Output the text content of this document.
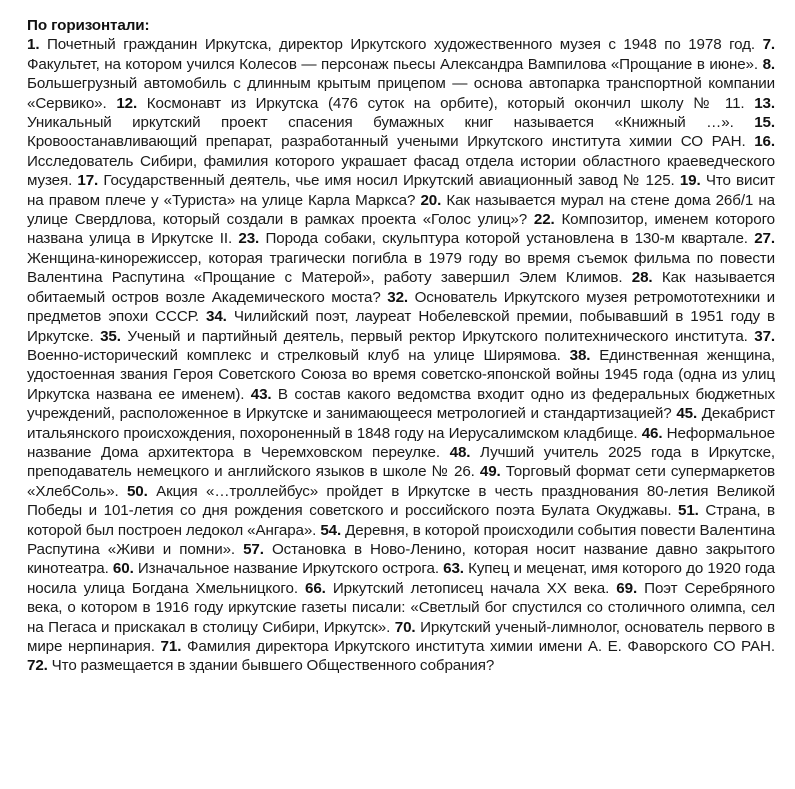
По горизонтали:

1. Почетный гражданин Иркутска, директор Иркутского художественного музея с 1948 по 1978 год. 7. Факультет, на котором учился Колесов — персонаж пьесы Александра Вампилова «Прощание в июне». 8. Большегрузный автомобиль с длинным крытым прицепом — основа автопарка транспортной компании «Сервико». 12. Космонавт из Иркутска (476 суток на орбите), который окончил школу № 11. 13. Уникальный иркутский проект спасения бумажных книг называется «Книжный …». 15. Кровоостанавливающий препарат, разработанный учеными Иркутского института химии СО РАН. 16. Исследователь Сибири, фамилия которого украшает фасад отдела истории областного краеведческого музея. 17. Государственный деятель, чье имя носил Иркутский авиационный завод № 125. 19. Что висит на правом плече у «Туриста» на улице Карла Маркса? 20. Как называется мурал на стене дома 26б/1 на улице Свердлова, который создали в рамках проекта «Голос улиц»? 22. Композитор, именем которого названа улица в Иркутске II. 23. Порода собаки, скульптура которой установлена в 130-м квартале. 27. Женщина-кинорежиссер, которая трагически погибла в 1979 году во время съемок фильма по повести Валентина Распутина «Прощание с Матерой», работу завершил Элем Климов. 28. Как называется обитаемый остров возле Академического моста? 32. Основатель Иркутского музея ретромототехники и предметов эпохи СССР. 34. Чилийский поэт, лауреат Нобелевской премии, побывавший в 1951 году в Иркутске. 35. Ученый и партийный деятель, первый ректор Иркутского политехнического института. 37. Военно-исторический комплекс и стрелковый клуб на улице Ширямова. 38. Единственная женщина, удостоенная звания Героя Советского Союза во время советско-японской войны 1945 года (одна из улиц Иркутска названа ее именем). 43. В состав какого ведомства входит одно из федеральных бюджетных учреждений, расположенное в Иркутске и занимающееся метрологией и стандартизацией? 45. Декабрист итальянского происхождения, похороненный в 1848 году на Иерусалимском кладбище. 46. Неформальное название Дома архитектора в Черемховском переулке. 48. Лучший учитель 2025 года в Иркутске, преподаватель немецкого и английского языков в школе № 26. 49. Торговый формат сети супермаркетов «ХлебСоль». 50. Акция «…троллейбус» пройдет в Иркутске в честь празднования 80-летия Великой Победы и 101-летия со дня рождения советского и российского поэта Булата Окуджавы. 51. Страна, в которой был построен ледокол «Ангара». 54. Деревня, в которой происходили события повести Валентина Распутина «Живи и помни». 57. Остановка в Ново-Ленино, которая носит название давно закрытого кинотеатра. 60. Изначальное название Иркутского острога. 63. Купец и меценат, имя которого до 1920 года носила улица Богдана Хмельницкого. 66. Иркутский летописец начала XX века. 69. Поэт Серебряного века, о котором в 1916 году иркутские газеты писали: «Светлый бог спустился со столичного олимпа, сел на Пегаса и прискакал в столицу Сибири, Иркутск». 70. Иркутский ученый-лимнолог, основатель первого в мире нерпинария. 71. Фамилия директора Иркутского института химии имени А. Е. Фаворского СО РАН. 72. Что размещается в здании бывшего Общественного собрания?
